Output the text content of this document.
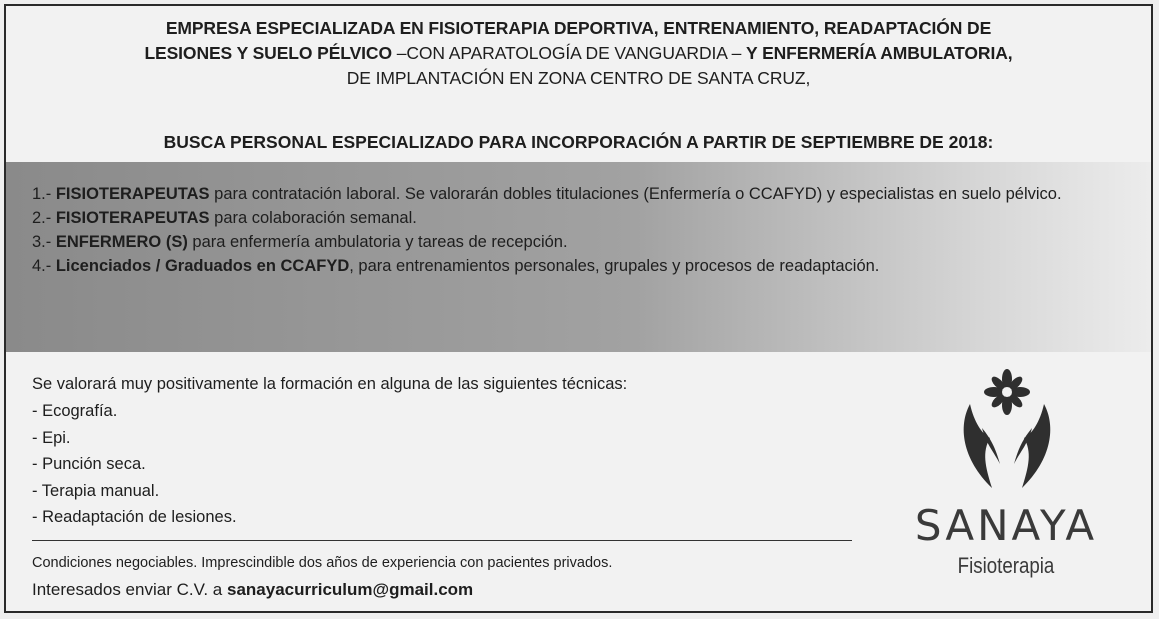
EMPRESA ESPECIALIZADA EN FISIOTERAPIA DEPORTIVA, ENTRENAMIENTO, READAPTACIÓN DE
LESIONES Y SUELO PÉLVICO –CON APARATOLOGÍA DE VANGUARDIA – Y ENFERMERÍA AMBULATORIA,
DE IMPLANTACIÓN EN ZONA CENTRO DE SANTA CRUZ,
BUSCA PERSONAL ESPECIALIZADO PARA INCORPORACIÓN A PARTIR DE SEPTIEMBRE DE 2018:

1.- FISIOTERAPEUTAS para contratación laboral. Se valorarán dobles titulaciones (Enfermería o CCAFYD) y especialistas en suelo pélvico.

2.- FISIOTERAPEUTAS para colaboración semanal.

3.- ENFERMERO (S) para enfermería ambulatoria y tareas de recepción.

4.- Licenciados / Graduados en CCAFYD, para entrenamientos personales, grupales y procesos de readaptación.

Se valorará muy positivamente la formación en alguna de las siguientes técnicas:
- Ecografía.
- Epi.
- Punción seca.
- Terapia manual.
- Readaptación de lesiones.
Condiciones negociables. Imprescindible dos años de experiencia con pacientes privados.
Interesados enviar C.V. a sanayacurriculum@gmail.com
SANAYA
Fisioterapia
